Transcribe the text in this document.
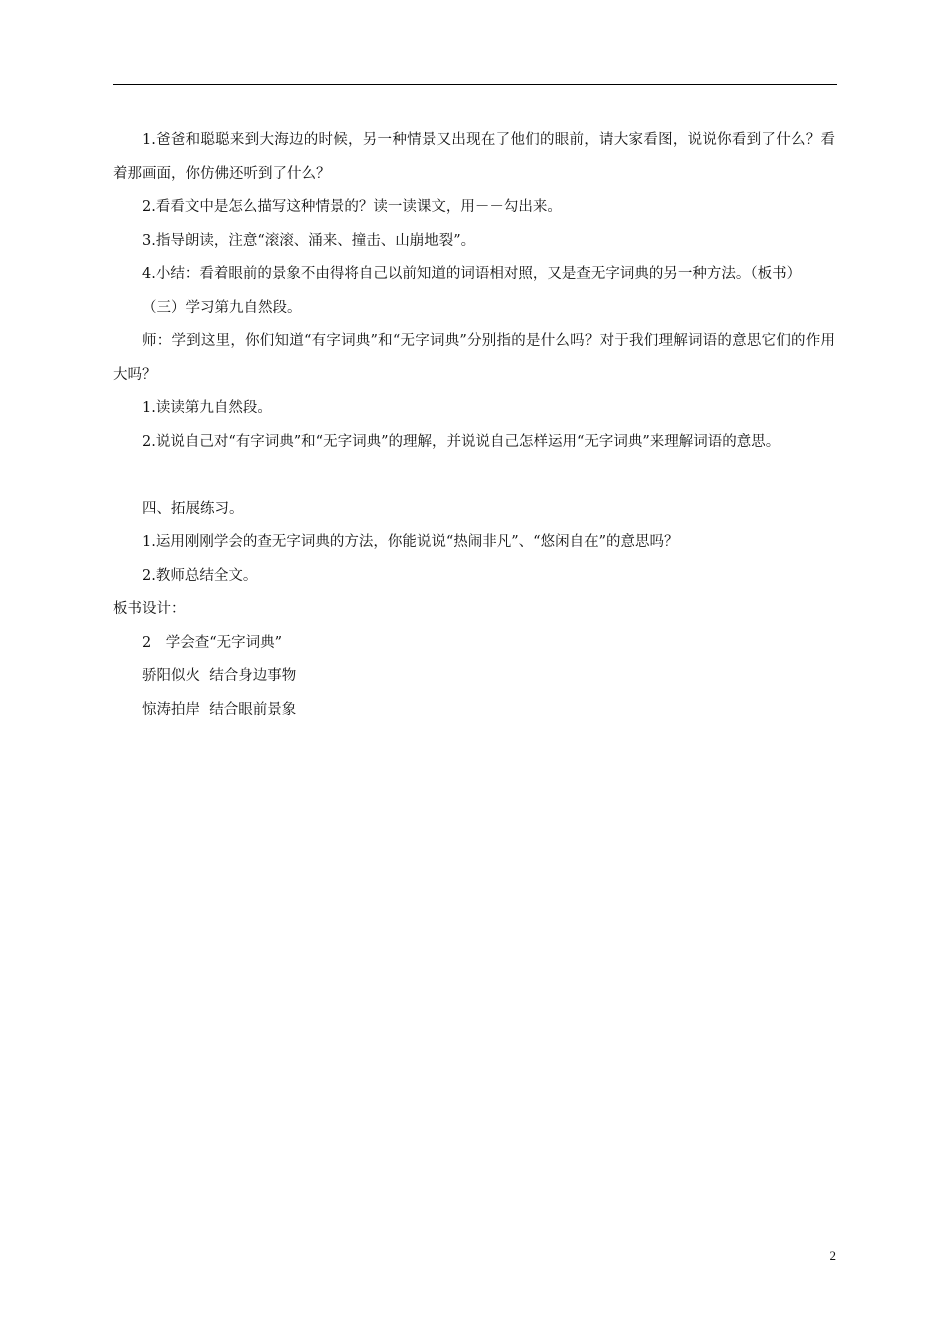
1.爸爸和聪聪来到大海边的时候，另一种情景又出现在了他们的眼前，请大家看图，说说你看到了什么？看着那画面，你仿佛还听到了什么？

2.看看文中是怎么描写这种情景的？读一读课文，用－－勾出来。

3.指导朗读，注意“滚滚、涌来、撞击、山崩地裂”。

4.小结：看着眼前的景象不由得将自己以前知道的词语相对照，又是查无字词典的另一种方法。（板书）

（三）学习第九自然段。

师：学到这里，你们知道“有字词典”和“无字词典”分别指的是什么吗？对于我们理解词语的意思它们的作用大吗？

1.读读第九自然段。

2.说说自己对“有字词典”和“无字词典”的理解，并说说自己怎样运用“无字词典”来理解词语的意思。

四、拓展练习。

1.运用刚刚学会的查无字词典的方法，你能说说“热闹非凡”、“悠闲自在”的意思吗？

2.教师总结全文。

板书设计：

2　学会查“无字词典”

骄阳似火  结合身边事物

惊涛拍岸  结合眼前景象

2
